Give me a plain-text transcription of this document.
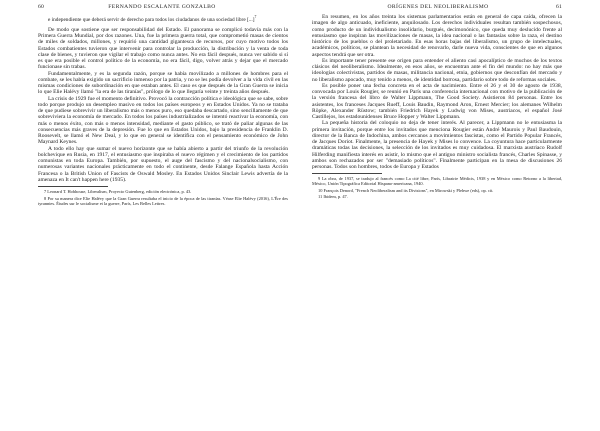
60	FERNANDO ESCALANTE GONZALBO
e independiente que deberá servir de derecho para todos los ciudadanos de una sociedad libre [...]$^7$

De modo que sostiene que ser responsabilidad del Estado. El panorama se complicó todavía más con la Primera Guerra Mundial, por dos razones. Una, fue la primera guerra total, que comprometió masas de cientos de miles de soldados, millones, y requirió una cantidad gigantesca de recursos, por cuyo motivo todos los Estados combatientes tuvieron que intervenir para controlar la producción, la distribución y la venta de toda clase de bienes, y tuvieron que vigilar el trabajo como nunca antes. No era fácil después, nunca ver sabido si sí es que era posible el control político de la economía, no era fácil, digo, volver atrás y dejar que el mercado funcionase sin trabas.

Fundamentalmente, y es la segunda razón, porque se había movilizado a millones de hombres para el combate, se les había exigido un sacrificio inmenso por la patria, y no se les podía devolver a la vida civil en las mismas condiciones de subordinación en que estaban antes. El caso es que después de la Gran Guerra se inicia lo que Elie Halévy llamó "la era de las tiranías", prólogo de lo que llegaría veinte y treinta años después.

La crisis de 1929 fue el momento definitivo. Provocó la contracción política e ideológica que se sabe, sobre todo porque produjo un desempleo masivo en todos los países europeos y en Estados Unidos. Ya no se trataba de que pudiese sobrevivir un liberalismo más o menos puro, eso quedaba descartado, sino sencillamente de que sobreviviera la economía de mercado. En todos los países industrializados se intentó reactivar la economía, con más o menos éxito, con más o menos intensidad, mediante el gasto público, se trató de paliar algunas de las consecuencias más graves de la depresión. Fue lo que en Estados Unidos, bajo la presidencia de Franklin D. Roosevelt, se llamó el New Deal, y lo que en general se identifica con el pensamiento económico de John Maynard Keynes.

A todo ello hay que sumar el nuevo horizonte que se había abierto a partir del triunfo de la revolución bolchevique en Rusia, en 1917, el entusiasmo que inspiraba el nuevo régimen y el crecimiento de los partidos comunistas en toda Europa. También, por supuesto, el auge del fascismo y del nacionalsocialismo, con numerosas variantes nacionales prácticamente en todo el continente, desde Falange Española hasta Acción Francesa o la British Union of Fascists de Oswald Mosley. En Estados Unidos Sinclair Lewis advertía de la amenaza en It can't happen here (1935).

7 Leonard T. Hobhouse, Liberalism, Proyecto Gutenberg, edición electrónica, p. 43.

8 Por su manera dice Elie Halévy que la Gran Guerra resultaba el inicio de la época de las tiranías. Véase Elie Halévy (2016), L'Ère des tyrannies. Études sur le socialisme et la guerre, París, Les Belles Lettres.

ORÍGENES DEL NEOLIBERALISMO	61

En resumen, en los años treinta los sistemas parlamentarios están en general de capa caída, ofrecen la imagen de algo anticuado, ineficiente, anquilosado. Los derechos individuales resultan también sospechosos, como producto de un individualismo insolidario, burgués, decimonónico, que queda muy deslucido frente al entusiasmo que inspiran las movilizaciones de masas, la idea nacional o las fantasías sobre la raza, el destino histórico de los pueblos o del proletariado. En esas horas bajas del liberalismo, un grupo de intelectuales, académicos, políticos, se plantean la necesidad de renovarlo, darle nueva vida, conscientes de que en algunos aspectos tendrá que ser otra.

Es importante tener presente ese origen para entender el aliento casi apocalíptico de muchos de los textos clásicos del neoliberalismo. Idealmente, en esos años, se encuentran ante el fin del mundo: no hay más que ideologías colectivistas, partidos de masas, militancia nacional, etnia, gobiernos que desconfían del mercado y no liberalismo apocado, muy tenido a menos, de identidad borrosa, partidario sobre todo de reformas sociales.

Es posible poner una fecha concreta en el acta de nacimiento. Entre el 26 y el 30 de agosto de 1938, convocada por Louis Rougier, se reunió en París una conferencia internacional con motivo de la publicación de la versión francesa del libro de Walter Lippmann, The Good Society. Asistieron 84 personas. Entre los asistentes, los franceses Jacques Rueff, Louis Baudin, Raymond Aron, Ernest Mercier; los alemanes Wilhelm Röpke, Alexander Rüstow; también Friedrich Hayek y Ludwig von Mises, austriacos, el español José Castillejos, los estadounidenses Bruce Hopper y Walter Lippmann.

La pequeña historia del coloquio no deja de tener interés. Al parecer, a Lippmann no le entusiasma la primera invitación, porque entre los invitados que menciona Rougier están André Maurois y Paul Baudouin, director de la Banca de Indochina, ambos cercanos a movimientos fascistas, como el Partido Popular Francés, de Jacques Doriot. Finalmente, la presencia de Hayek y Mises lo convence. La coyuntura hace particularmente dramáticas todas las decisiones, la selección de los invitados es muy cuidadosa. El marxista austriaco Rudolf Hilferding manifiesta interés en asistir, lo mismo que el antiguo ministro socialista francés, Charles Spinasse, y ambos son rechazados por ser "demasiado políticos". Finalmente participan en la mesa de discusiones 26 personas. Todos son hombres, todos de Europa y Estados

9 La obra, de 1937, se tradujo al francés como La cité libre, París, Librairie Médicis, 1938 y en México como Retorno a la libertad, México, Unión Tipográfica Editorial Hispano-americana, 1940.

10 François Denord, "French Neoliberalism and its Divisions", en Mirowski y Plehwe (eds), op. cit.

11 Ibidem, p. 47.
